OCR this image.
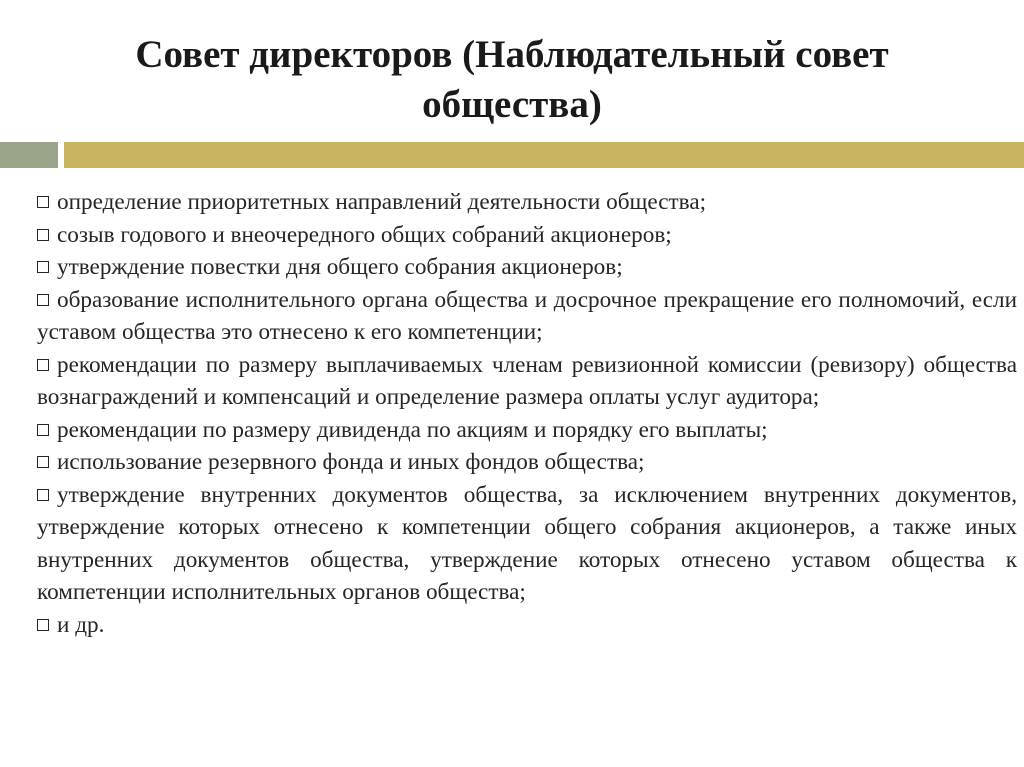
Совет директоров (Наблюдательный совет
общества)
определение приоритетных направлений деятельности общества;
созыв годового и внеочередного общих собраний акционеров;
утверждение повестки дня общего собрания акционеров;
образование исполнительного органа общества и досрочное прекращение его полномочий, если уставом общества это отнесено к его компетенции;
рекомендации по размеру выплачиваемых членам ревизионной комиссии (ревизору) общества вознаграждений и компенсаций и определение размера оплаты услуг аудитора;
рекомендации по размеру дивиденда по акциям и порядку его выплаты;
использование резервного фонда и иных фондов общества;
утверждение внутренних документов общества, за исключением внутренних документов, утверждение которых отнесено к компетенции общего собрания акционеров, а также иных внутренних документов общества, утверждение которых отнесено уставом общества к компетенции исполнительных органов общества;
и др.
